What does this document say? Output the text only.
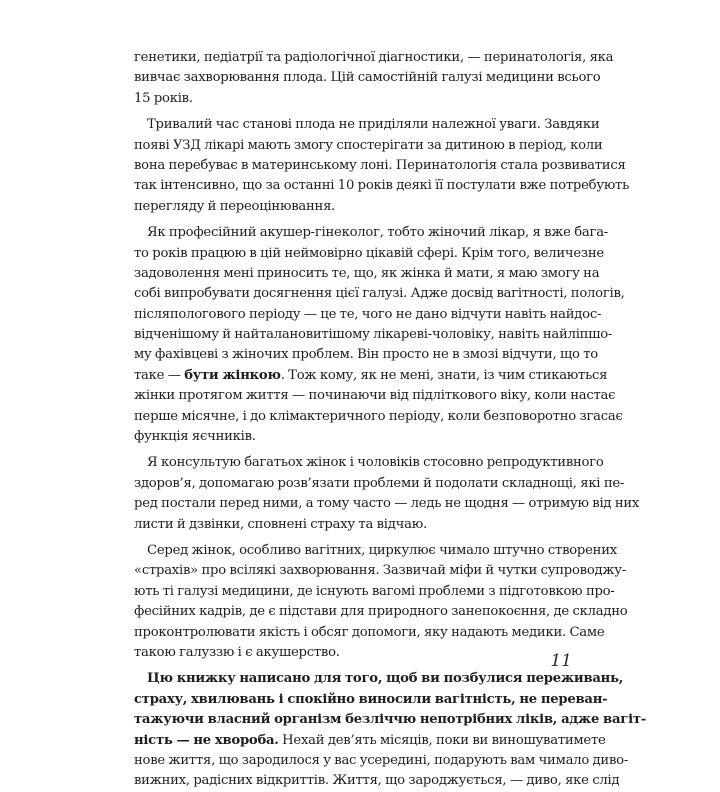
генетики, педіатрії та радіологічної діагностики, — перинатологія, яка
вивчає захворювання плода. Цій самостійній галузі медицини всього
15 років.
Тривалий час станові плода не приділяли належної уваги. Завдяки
появі УЗД лікарі мають змогу спостерігати за дитиною в період, коли
вона перебуває в материнському лоні. Перинатологія стала розвиватися
так інтенсивно, що за останні 10 років деякі її постулати вже потребують
перегляду й переоцінювання.
Як професійний акушер-гінеколог, тобто жіночий лікар, я вже бага-
то років працюю в цій неймовірно цікавій сфері. Крім того, величезне
задоволення мені приносить те, що, як жінка й мати, я маю змогу на
собі випробувати досягнення цієї галузі. Адже досвід вагітності, пологів,
післяпологового періоду — це те, чого не дано відчути навіть найдос-
відченішому й найталановитішому лікареві-чоловіку, навіть найліпшо-
му фахівцеві з жіночих проблем. Він просто не в змозі відчути, що то
таке — бути жінкою. Тож кому, як не мені, знати, із чим стикаються
жінки протягом життя — починаючи від підліткового віку, коли настає
перше місячне, і до клімактеричного періоду, коли безповоротно згасає
функція яєчників.
Я консультую багатьох жінок і чоловіків стосовно репродуктивного
здоров’я, допомагаю розв’язати проблеми й подолати складнощі, які пе-
ред постали перед ними, а тому часто — ледь не щодня — отримую від них
листи й дзвінки, сповнені страху та відчаю.
Серед жінок, особливо вагітних, циркулює чимало штучно створених
«страхів» про всілякі захворювання. Зазвичай міфи й чутки супроводжу-
ють ті галузі медицини, де існують вагомі проблеми з підготовкою про-
фесійних кадрів, де є підстави для природного занепокоєння, де складно
проконтролювати якість і обсяг допомоги, яку надають медики. Саме
такою галуззю і є акушерство.
Цю книжку написано для того, щоб ви позбулися переживань,
страху, хвилювань і спокійно виносили вагітність, не переван-
тажуючи власний організм безліччю непотрібних ліків, адже вагіт-
ність — не хвороба. Нехай дев’ять місяців, поки ви виношуватимете
нове життя, що зародилося у вас усередині, подарують вам чимало диво-
вижних, радісних відкриттів. Життя, що зароджується, — диво, яке слід
11
